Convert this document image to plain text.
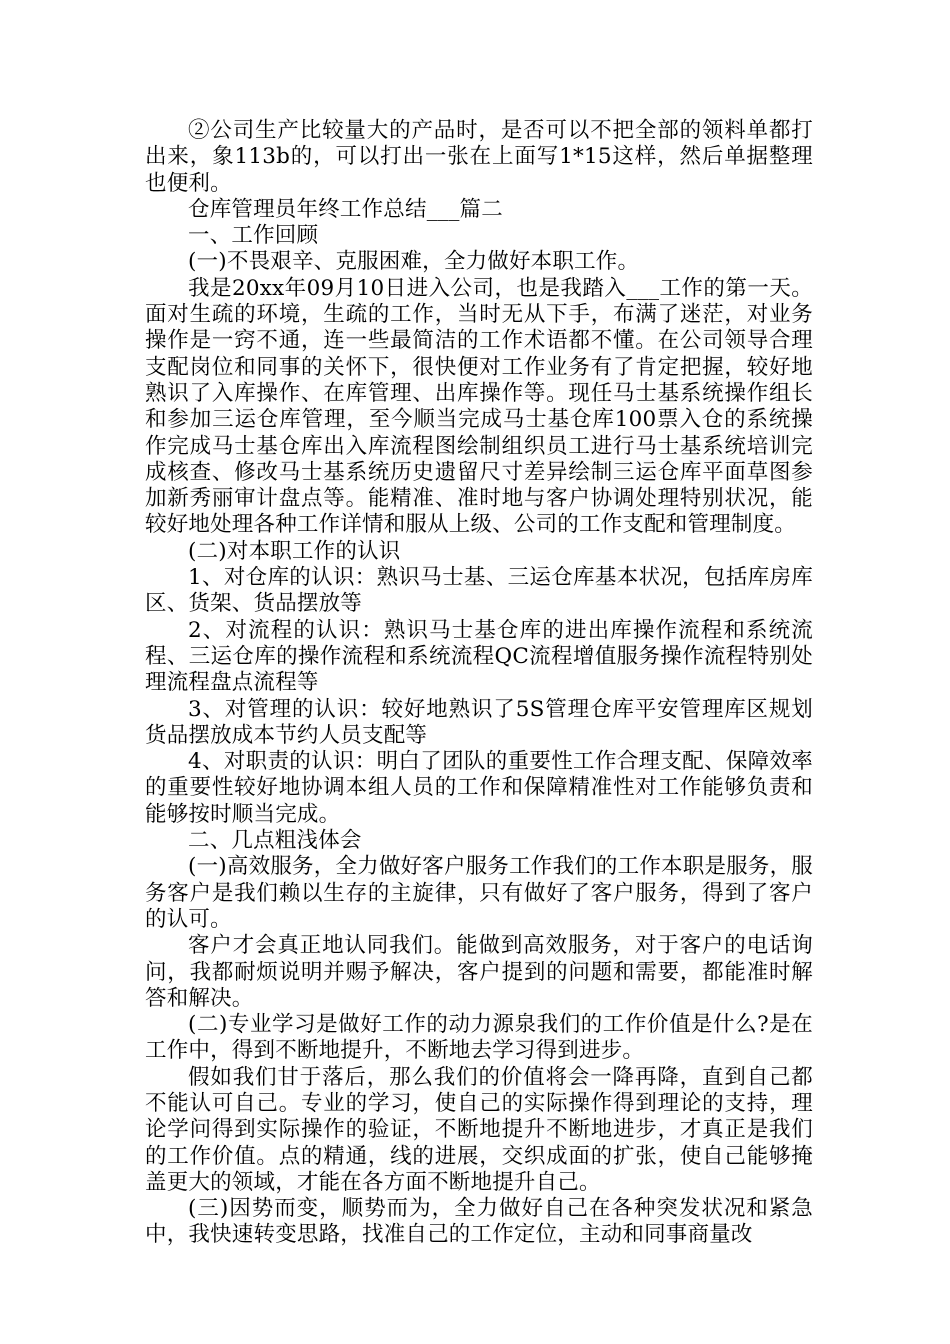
②公司生产比较量大的产品时，是否可以不把全部的领料单都打出来，象113b的，可以打出一张在上面写1*15这样，然后单据整理也便利。

仓库管理员年终工作总结___篇二

一、工作回顾

(一)不畏艰辛、克服困难，全力做好本职工作。

我是20xx年09月10日进入公司，也是我踏入___工作的第一天。面对生疏的环境，生疏的工作，当时无从下手，布满了迷茫，对业务操作是一窍不通，连一些最简洁的工作术语都不懂。在公司领导合理支配岗位和同事的关怀下，很快便对工作业务有了肯定把握，较好地熟识了入库操作、在库管理、出库操作等。现任马士基系统操作组长和参加三运仓库管理，至今顺当完成马士基仓库100票入仓的系统操作完成马士基仓库出入库流程图绘制组织员工进行马士基系统培训完成核查、修改马士基系统历史遗留尺寸差异绘制三运仓库平面草图参加新秀丽审计盘点等。能精准、准时地与客户协调处理特别状况，能较好地处理各种工作详情和服从上级、公司的工作支配和管理制度。

(二)对本职工作的认识

1、对仓库的认识：熟识马士基、三运仓库基本状况，包括库房库区、货架、货品摆放等

2、对流程的认识：熟识马士基仓库的进出库操作流程和系统流程、三运仓库的操作流程和系统流程QC流程增值服务操作流程特别处理流程盘点流程等

3、对管理的认识：较好地熟识了5S管理仓库平安管理库区规划货品摆放成本节约人员支配等

4、对职责的认识：明白了团队的重要性工作合理支配、保障效率的重要性较好地协调本组人员的工作和保障精准性对工作能够负责和能够按时顺当完成。

二、几点粗浅体会

(一)高效服务，全力做好客户服务工作我们的工作本职是服务，服务客户是我们赖以生存的主旋律，只有做好了客户服务，得到了客户的认可。

客户才会真正地认同我们。能做到高效服务，对于客户的电话询问，我都耐烦说明并赐予解决，客户提到的问题和需要，都能准时解答和解决。

(二)专业学习是做好工作的动力源泉我们的工作价值是什么?是在工作中，得到不断地提升，不断地去学习得到进步。

假如我们甘于落后，那么我们的价值将会一降再降，直到自己都不能认可自己。专业的学习，使自己的实际操作得到理论的支持，理论学问得到实际操作的验证，不断地提升不断地进步，才真正是我们的工作价值。点的精通，线的进展，交织成面的扩张，使自己能够掩盖更大的领域，才能在各方面不断地提升自己。

(三)因势而变，顺势而为，全力做好自己在各种突发状况和紧急中，我快速转变思路，找准自己的工作定位，主动和同事商量改
